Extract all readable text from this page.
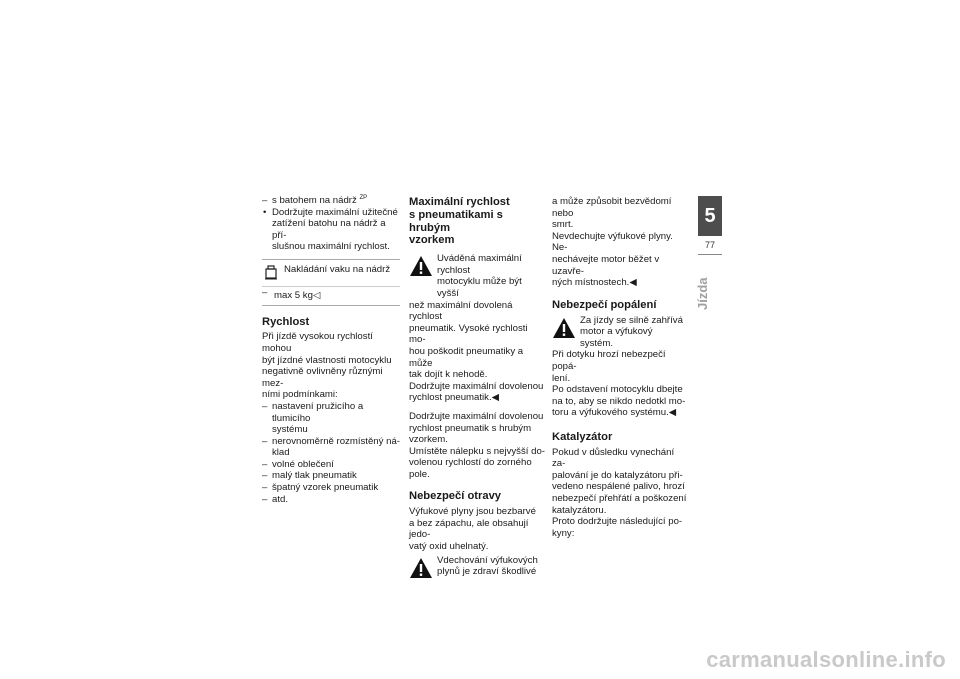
– s batohem na nádrž $^{ZP}$

• Dodržujte maximální užitečné
zatížení batohu na nádrž a pří-
slušnou maximální rychlost.
Nakládání vaku na nádrž
– max 5 kg◁
Rychlost

Při jízdě vysokou rychlostí mohou
být jízdné vlastnosti motocyklu
negativně ovlivněny různými mez-
ními podmínkami:

– nastavení pružicího a tlumicího
systému
– nerovnoměrně rozmístěný ná-
klad
– volné oblečení
– malý tlak pneumatik
– špatný vzorek pneumatik
– atd.
Maximální rychlost
s pneumatikami s hrubým
vzorkem
Uváděná maximální rychlost
motocyklu může být vyšší
než maximální dovolená rychlost
pneumatik. Vysoké rychlosti mo-
hou poškodit pneumatiky a může
tak dojít k nehodě.
Dodržujte maximální dovolenou
rychlost pneumatik.◀

Dodržujte maximální dovolenou
rychlost pneumatik s hrubým
vzorkem.
Umístěte nálepku s nejvyšší do-
volenou rychlostí do zorného
pole.

Nebezpečí otravy

Výfukové plyny jsou bezbarvé
a bez zápachu, ale obsahují jedo-
vatý oxid uhelnatý.

Vdechování výfukových
plynů je zdraví škodlivé

a může způsobit bezvědomí nebo
smrt.
Nevdechujte výfukové plyny. Ne-
nechávejte motor běžet v uzavře-
ných místnostech.◀

Nebezpečí popálení
Za jízdy se silně zahřívá
motor a výfukový systém.
Při dotyku hrozí nebezpečí popá-
lení.
Po odstavení motocyklu dbejte
na to, aby se nikdo nedotkl mo-
toru a výfukového systému.◀
Katalyzátor

Pokud v důsledku vynechání za-
palování je do katalyzátoru při-
vedeno nespálené palivo, hrozí
nebezpečí přehřátí a poškození
katalyzátoru.
Proto dodržujte následující po-
kyny:

5
77
Jízda
carmanualsonline.info
